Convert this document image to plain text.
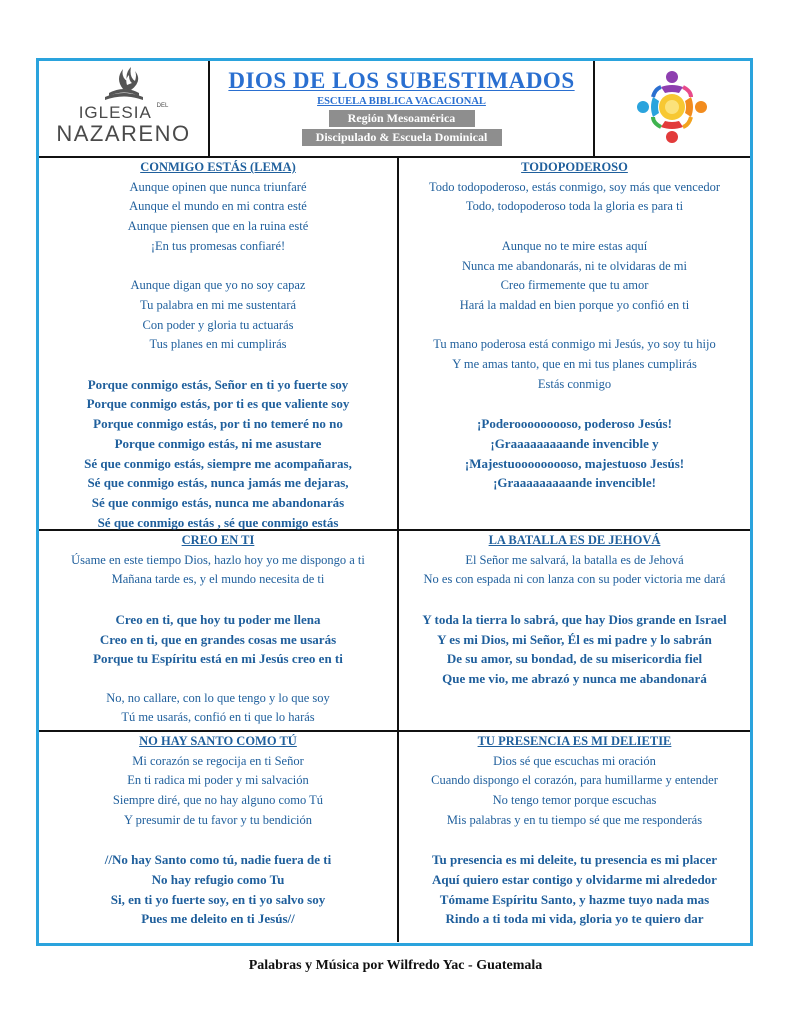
IGLESIA $^{DEL}$
NAZARENO
DIOS DE LOS SUBESTIMADOS
ESCUELA BIBLICA VACACIONAL
Región Mesoamérica
Discipulado & Escuela Dominical
CONMIGO ESTÁS (LEMA)
Aunque opinen que nunca triunfaré
Aunque el mundo en mi contra esté
Aunque piensen que en la ruina esté
¡En tus promesas confiaré!
Aunque digan que yo no soy capaz
Tu palabra en mi me sustentará
Con poder y gloria tu actuarás
Tus planes en mi cumplirás
Porque conmigo estás, Señor en ti yo fuerte soy
Porque conmigo estás, por ti es que valiente soy
Porque conmigo estás, por ti no temeré no no
Porque conmigo estás, ni me asustare
Sé que conmigo estás, siempre me acompañaras,
Sé que conmigo estás, nunca jamás me dejaras,
Sé que conmigo estás, nunca me abandonarás
Sé que conmigo estás , sé que conmigo estás
TODOPODEROSO
Todo todopoderoso, estás conmigo, soy más que vencedor
Todo, todopoderoso toda la gloria es para ti
Aunque no te mire estas aquí
Nunca me abandonarás, ni te olvidaras de mi
Creo firmemente que tu amor
Hará la maldad en bien porque yo confió en ti
Tu mano poderosa está conmigo mi Jesús, yo soy tu hijo
Y me amas tanto, que en mi tus planes cumplirás
Estás conmigo
¡Poderooooooooso, poderoso Jesús!
¡Graaaaaaaaande invencible y
¡Majestuooooooooso, majestuoso Jesús!
¡Graaaaaaaaande invencible!
CREO EN TI
Úsame en este tiempo Dios, hazlo hoy yo me dispongo a ti
Mañana tarde es, y el mundo necesita de ti
Creo en ti, que hoy tu poder me llena
Creo en ti, que en grandes cosas me usarás
Porque tu Espíritu está en mi Jesús creo en ti
No, no callare, con lo que tengo y lo que soy
Tú me usarás, confió en ti que lo harás
LA BATALLA ES DE JEHOVÁ
El Señor me salvará, la batalla es de Jehová
No es con espada ni con lanza con su poder victoria me dará
Y toda la tierra lo sabrá, que hay Dios grande en Israel
Y es mi Dios, mi Señor, Él es mi padre y lo sabrán
De su amor, su bondad, de su misericordia fiel
Que me vio, me abrazó y nunca me abandonará
NO HAY SANTO COMO TÚ
Mi corazón se regocija en ti Señor
En ti radica mi poder y mi salvación
Siempre diré, que no hay alguno como Tú
Y presumir de tu favor y tu bendición
//No hay Santo como tú, nadie fuera de ti
No hay refugio como Tu
Si, en ti yo fuerte soy, en ti yo salvo soy
Pues me deleito en ti Jesús//
TU PRESENCIA ES MI DELIETIE
Dios sé que escuchas mi oración
Cuando dispongo el corazón, para humillarme y entender
No tengo temor porque escuchas
Mis palabras y en tu tiempo sé que me responderás
Tu presencia es mi deleite, tu presencia es mi placer
Aquí quiero estar contigo y olvidarme mi alrededor
Tómame Espíritu Santo, y hazme tuyo nada mas
Rindo a ti toda mi vida, gloria yo te quiero dar
Palabras y Música por Wilfredo Yac - Guatemala
